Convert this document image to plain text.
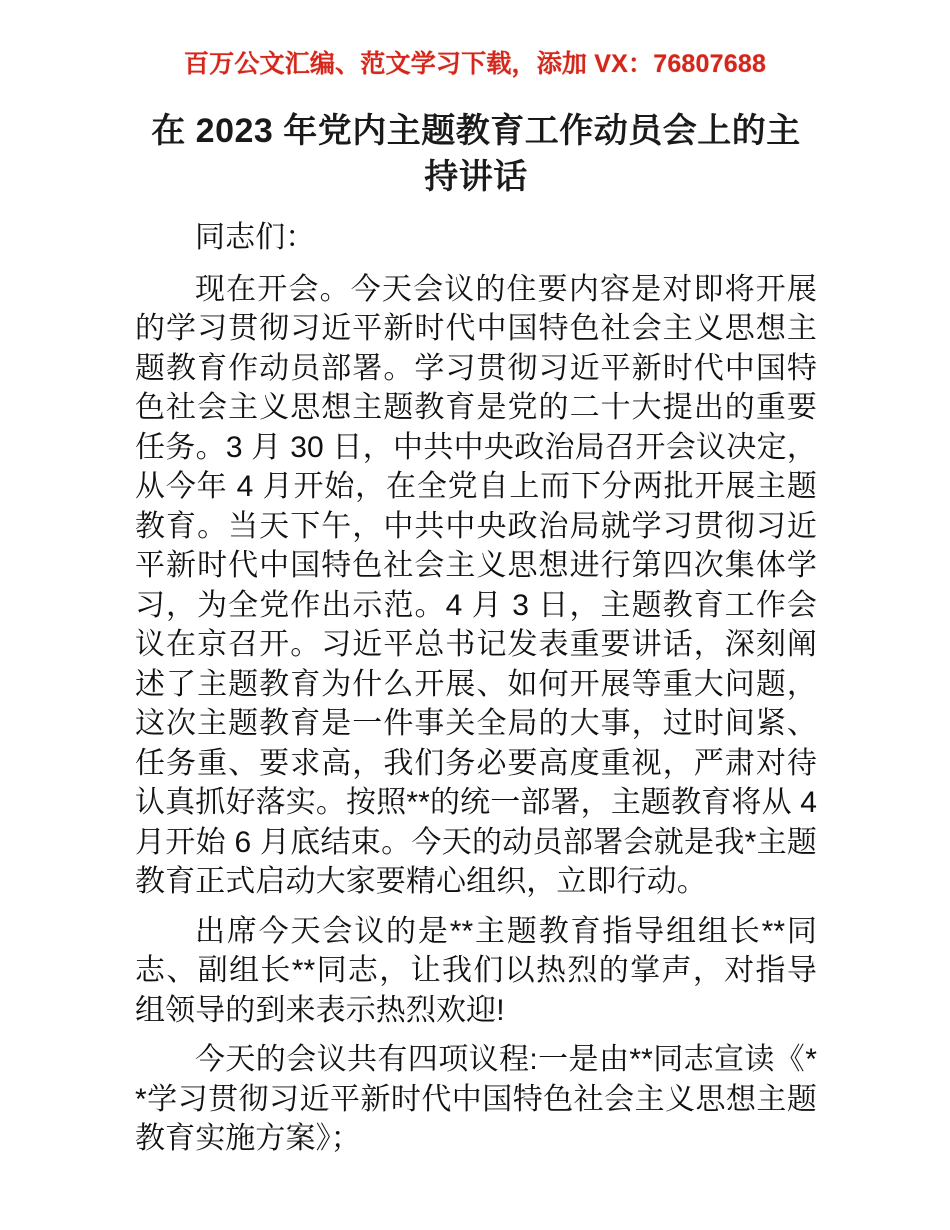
百万公文汇编、范文学习下载，添加 VX：76807688
在 2023 年党内主题教育工作动员会上的主持讲话

同志们：

现在开会。今天会议的住要内容是对即将开展的学习贯彻习近平新时代中国特色社会主义思想主题教育作动员部署。学习贯彻习近平新时代中国特色社会主义思想主题教育是党的二十大提出的重要任务。3 月 30 日，中共中央政治局召开会议决定，从今年 4 月开始，在全党自上而下分两批开展主题教育。当天下午，中共中央政治局就学习贯彻习近平新时代中国特色社会主义思想进行第四次集体学习，为全党作出示范。4 月 3 日，主题教育工作会议在京召开。习近平总书记发表重要讲话，深刻阐述了主题教育为什么开展、如何开展等重大问题，这次主题教育是一件事关全局的大事，过时间紧、任务重、要求高，我们务必要高度重视，严肃对待认真抓好落实。按照**的统一部署，主题教育将从 4 月开始 6 月底结束。今天的动员部署会就是我*主题教育正式启动大家要精心组织，立即行动。

出席今天会议的是**主题教育指导组组长**同志、副组长**同志，让我们以热烈的掌声，对指导组领导的到来表示热烈欢迎!

今天的会议共有四项议程:一是由**同志宣读《**学习贯彻习近平新时代中国特色社会主义思想主题教育实施方案》；
